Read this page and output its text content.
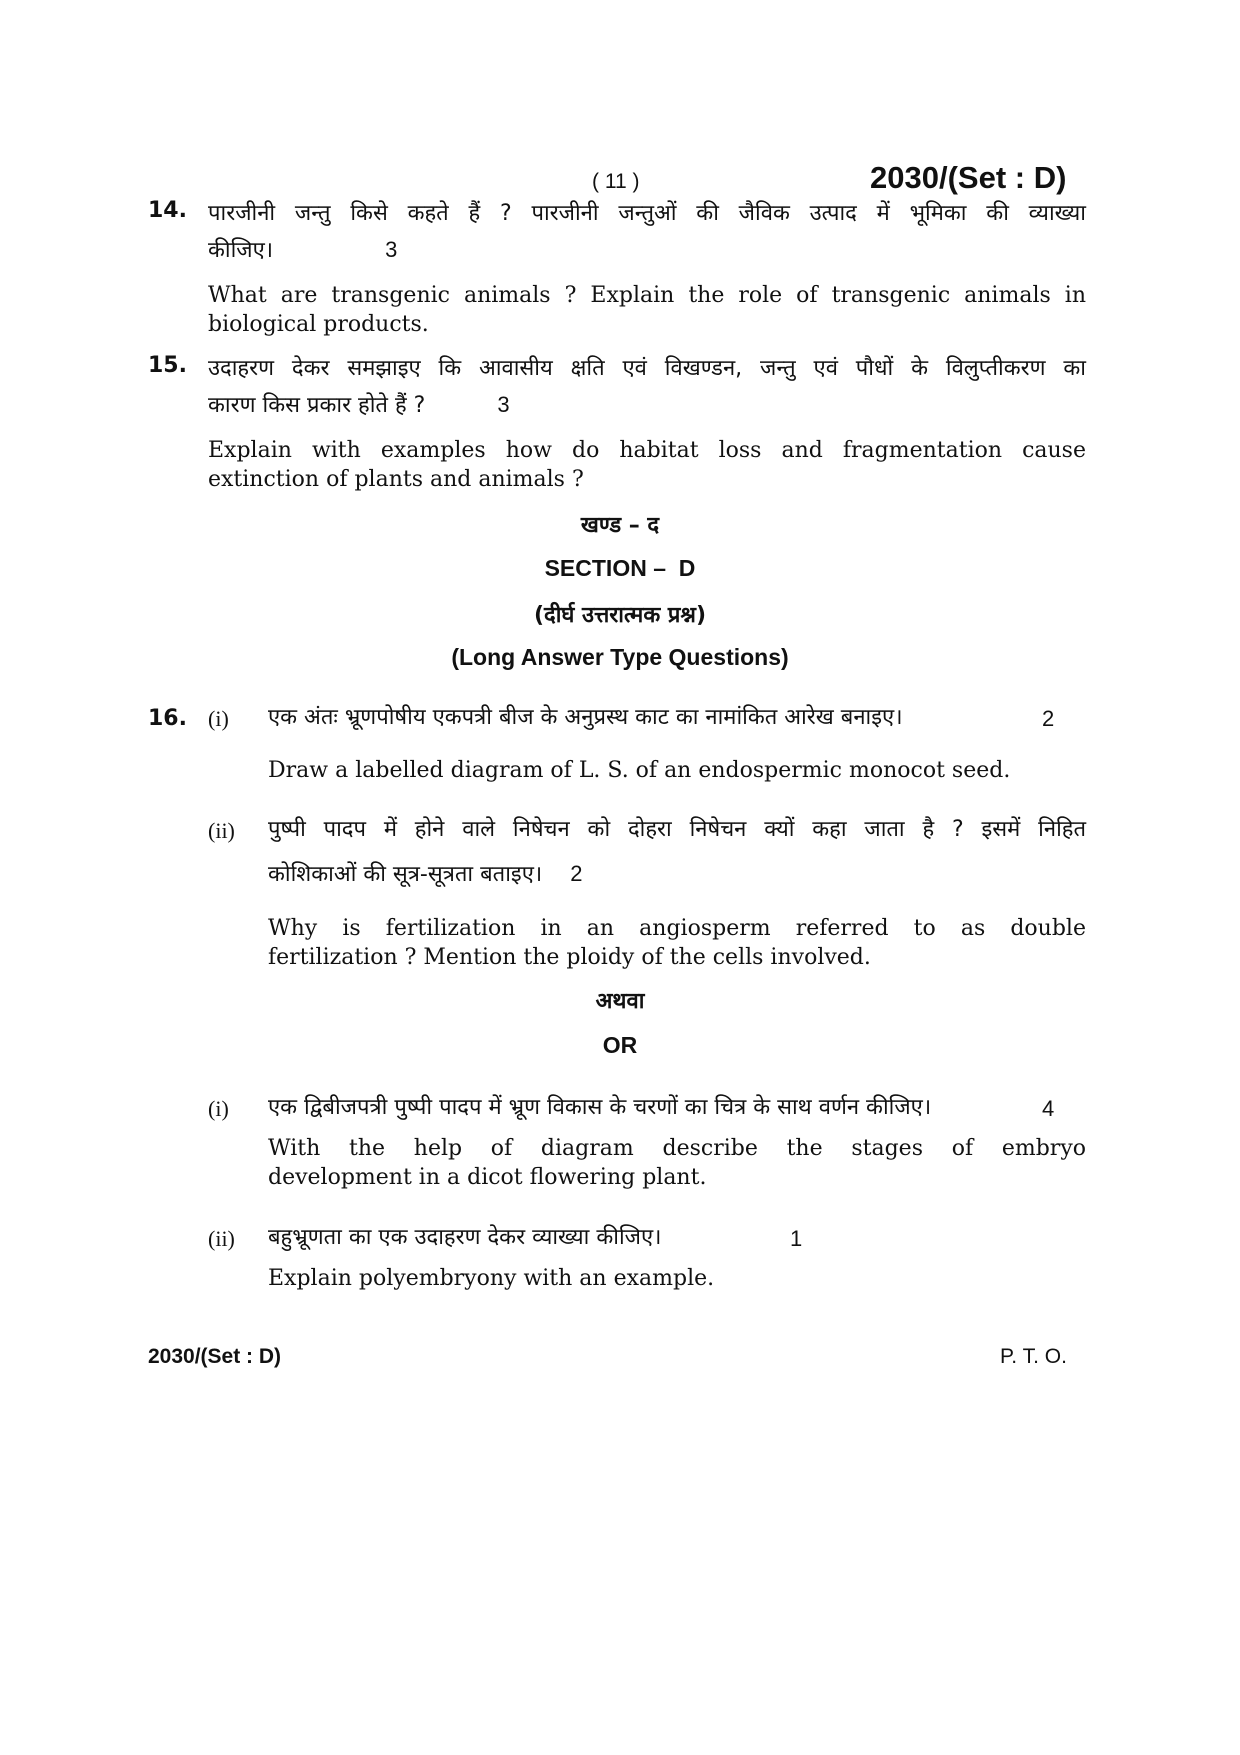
( 11 )	2030/(Set : D)
14. पारजीनी जन्तु किसे कहते हैं ? पारजीनी जन्तुओं की जैविक उत्पाद में भूमिका की व्याख्या
कीजिए।	3
What are transgenic animals ? Explain the role of transgenic animals in
biological products.
15. उदाहरण देकर समझाइए कि आवासीय क्षति एवं विखण्डन, जन्तु एवं पौधों के विलुप्तीकरण का
कारण किस प्रकार होते हैं ?	3
Explain with examples how do habitat loss and fragmentation cause
extinction of plants and animals ?
खण्ड – द
SECTION –  D
(दीर्घ उत्तरात्मक प्रश्न)
(Long Answer Type Questions)
16. (i) एक अंतः भ्रूणपोषीय एकपत्री बीज के अनुप्रस्थ काट का नामांकित आरेख बनाइए।	2
Draw a labelled diagram of L. S. of an endospermic monocot seed.
(ii) पुष्पी पादप में होने वाले निषेचन को दोहरा निषेचन क्यों कहा जाता है ? इसमें निहित
कोशिकाओं की सूत्र-सूत्रता बताइए। 2
Why is fertilization in an angiosperm referred to as double
fertilization ? Mention the ploidy of the cells involved.
अथवा
OR
(i) एक द्विबीजपत्री पुष्पी पादप में भ्रूण विकास के चरणों का चित्र के साथ वर्णन कीजिए।	4
With the help of diagram describe the stages of embryo
development in a dicot flowering plant.
(ii) बहुभ्रूणता का एक उदाहरण देकर व्याख्या कीजिए।	1
Explain polyembryony with an example.
2030/(Set : D)	P. T. O.
